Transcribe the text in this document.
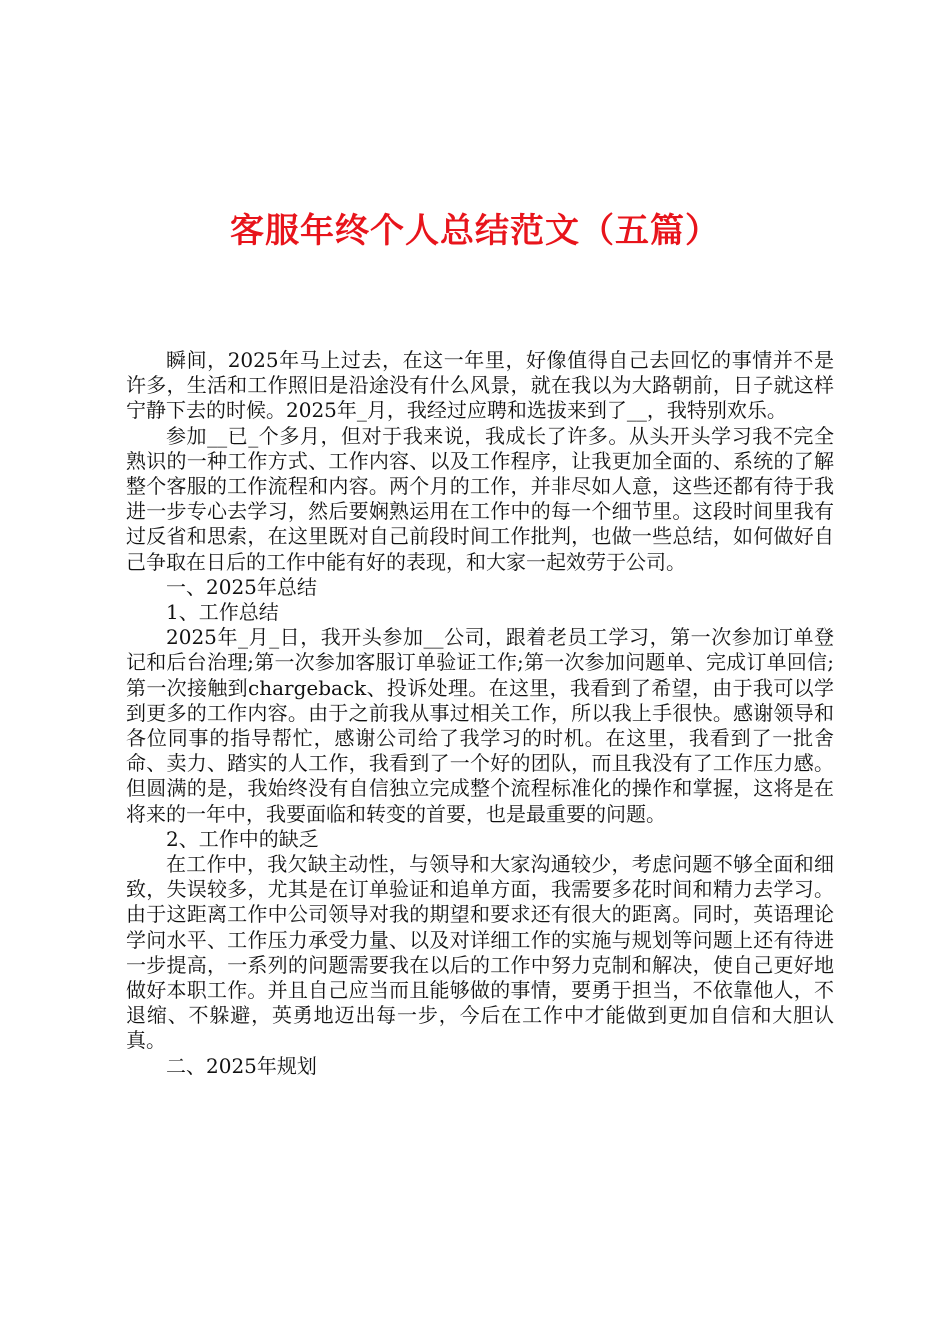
客服年终个人总结范文（五篇）

瞬间，2025年马上过去，在这一年里，好像值得自己去回忆的事情并不是许多，生活和工作照旧是沿途没有什么风景，就在我以为大路朝前，日子就这样宁静下去的时候。2025年_月，我经过应聘和选拔来到了__，我特别欢乐。

参加__已_个多月，但对于我来说，我成长了许多。从头开头学习我不完全熟识的一种工作方式、工作内容、以及工作程序，让我更加全面的、系统的了解整个客服的工作流程和内容。两个月的工作，并非尽如人意，这些还都有待于我进一步专心去学习，然后要娴熟运用在工作中的每一个细节里。这段时间里我有过反省和思索，在这里既对自己前段时间工作批判，也做一些总结，如何做好自己争取在日后的工作中能有好的表现，和大家一起效劳于公司。

一、2025年总结

1、工作总结

2025年_月_日，我开头参加__公司，跟着老员工学习，第一次参加订单登记和后台治理;第一次参加客服订单验证工作;第一次参加问题单、完成订单回信;第一次接触到chargeback、投诉处理。在这里，我看到了希望，由于我可以学到更多的工作内容。由于之前我从事过相关工作，所以我上手很快。感谢领导和各位同事的指导帮忙，感谢公司给了我学习的时机。在这里，我看到了一批舍命、卖力、踏实的人工作，我看到了一个好的团队，而且我没有了工作压力感。但圆满的是，我始终没有自信独立完成整个流程标准化的操作和掌握，这将是在将来的一年中，我要面临和转变的首要，也是最重要的问题。

2、工作中的缺乏

在工作中，我欠缺主动性，与领导和大家沟通较少，考虑问题不够全面和细致，失误较多，尤其是在订单验证和追单方面，我需要多花时间和精力去学习。由于这距离工作中公司领导对我的期望和要求还有很大的距离。同时，英语理论学问水平、工作压力承受力量、以及对详细工作的实施与规划等问题上还有待进一步提高，一系列的问题需要我在以后的工作中努力克制和解决，使自己更好地做好本职工作。并且自己应当而且能够做的事情，要勇于担当，不依靠他人，不退缩、不躲避，英勇地迈出每一步，今后在工作中才能做到更加自信和大胆认真。

二、2025年规划
